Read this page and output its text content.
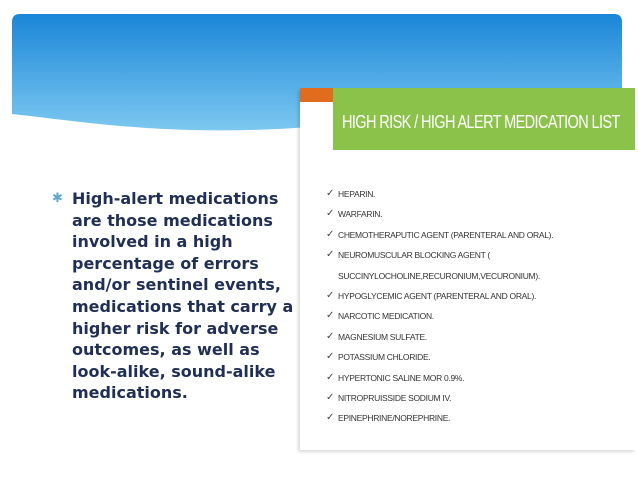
✱ High-alert medications are those medications involved in a high percentage of errors and/or sentinel events, medications that carry a higher risk for adverse outcomes, as well as look-alike, sound-alike medications.
HIGH RISK / HIGH ALERT MEDICATION LIST
✓ HEPARIN.
✓ WARFARIN.
✓ CHEMOTHERAPUTIC AGENT (PARENTERAL AND ORAL).
✓ NEUROMUSCULAR BLOCKING AGENT (
SUCCINYLOCHOLINE,RECURONIUM,VECURONIUM).
✓ HYPOGLYCEMIC AGENT (PARENTERAL AND ORAL).
✓ NARCOTIC MEDICATION.
✓ MAGNESIUM SULFATE.
✓ POTASSIUM CHLORIDE.
✓ HYPERTONIC SALINE MOR 0.9%.
✓ NITROPRUISSIDE SODIUM IV.
✓ EPINEPHRINE/NOREPHRINE.
